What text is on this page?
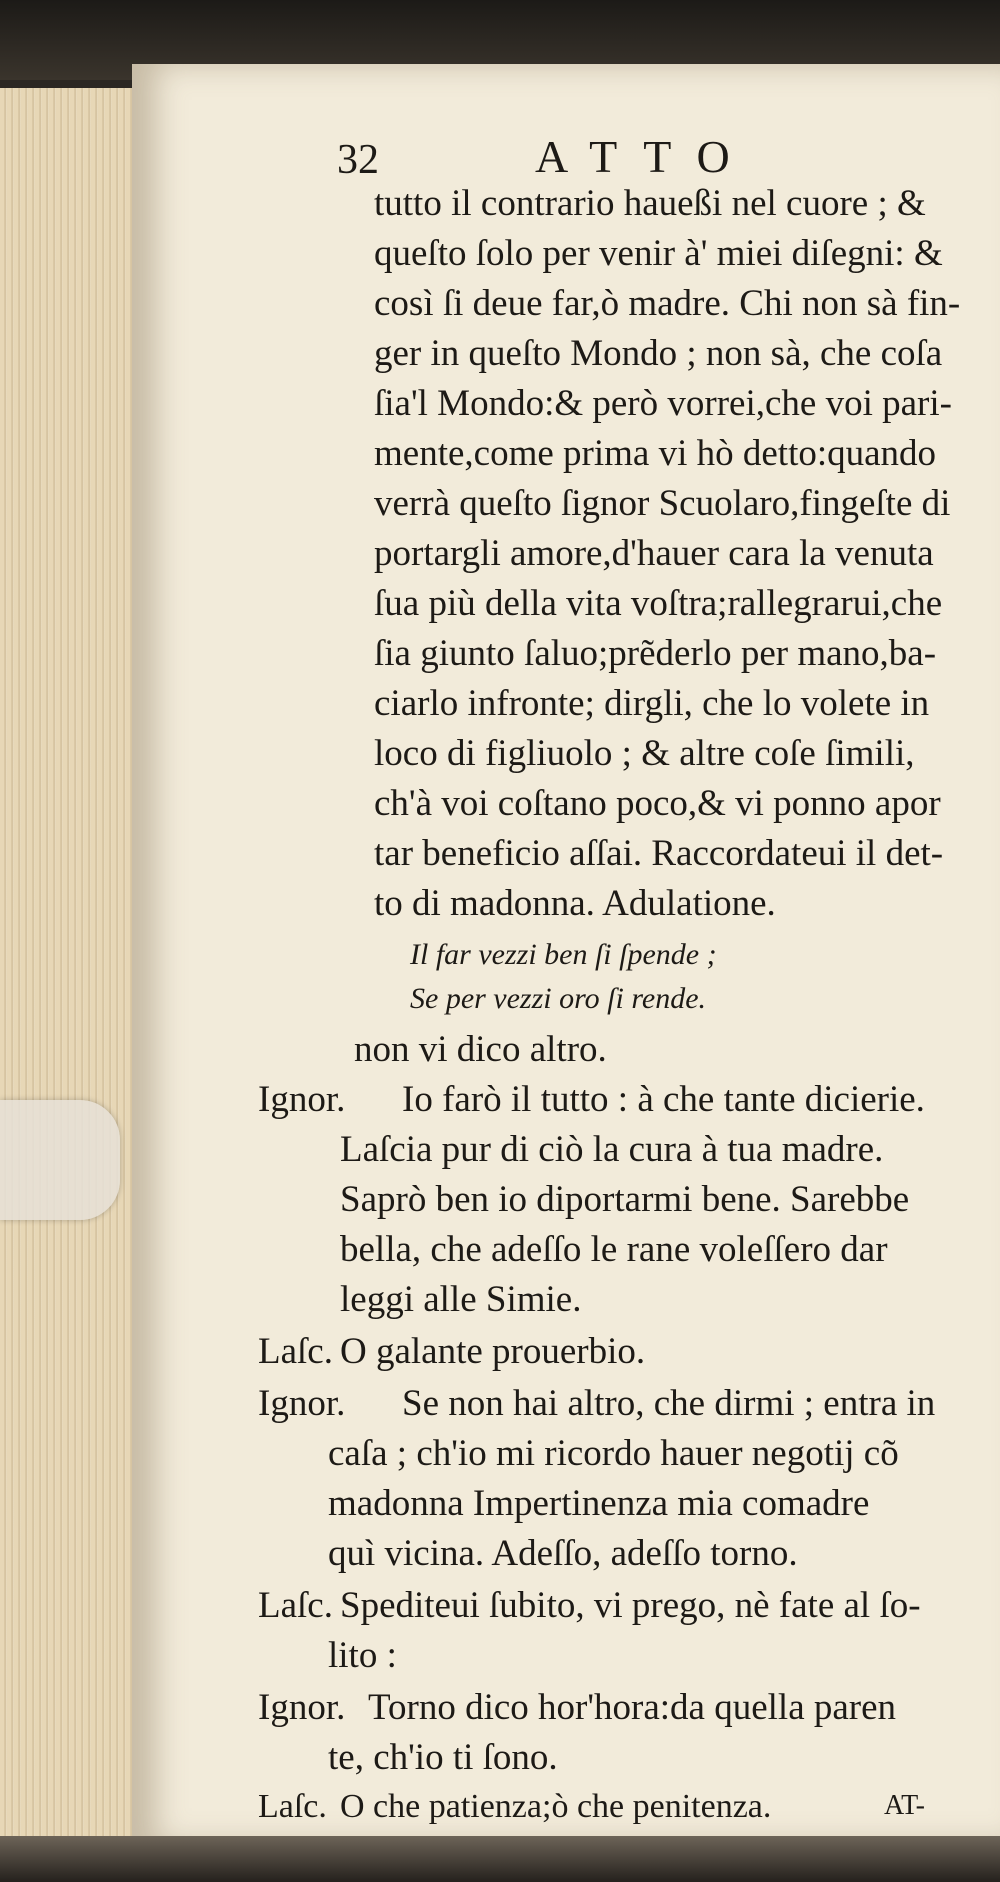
32	ATTO
tutto il contrario haueßi nel cuore ; &
queſto ſolo per venir à' miei diſegni: &
così ſi deue far,ò madre. Chi non sà fin-
ger in queſto Mondo ; non sà, che coſa
ſia'l Mondo:& però vorrei,che voi pari-
mente,come prima vi hò detto:quando
verrà queſto ſignor Scuolaro,fingeſte di
portargli amore,d'hauer cara la venuta
ſua più della vita voſtra;rallegrarui,che
ſia giunto ſaluo;prẽderlo per mano,ba-
ciarlo infronte; dirgli, che lo volete in
loco di figliuolo ; & altre coſe ſimili,
ch'à voi coſtano poco,& vi ponno apor
tar beneficio aſſai. Raccordateui il det-
to di madonna. Adulatione.
Il far vezzi ben ſi ſpende ;
Se per vezzi oro ſi rende.
non vi dico altro.
Ignor. Io farò il tutto : à che tante dicierie.
Laſcia pur di ciò la cura à tua madre.
Saprò ben io diportarmi bene. Sarebbe
bella, che adeſſo le rane voleſſero dar
leggi alle Simie.
Laſc. O galante prouerbio.
Ignor. Se non hai altro, che dirmi ; entra in
caſa ; ch'io mi ricordo hauer negotij cõ
madonna Impertinenza mia comadre
quì vicina. Adeſſo, adeſſo torno.
Laſc. Spediteui ſubito, vi prego, nè fate al ſo-
lito :
Ignor. Torno dico hor'hora:da quella paren
te, ch'io ti ſono.
Laſc. O che patienza;ò che penitenza.	AT-
